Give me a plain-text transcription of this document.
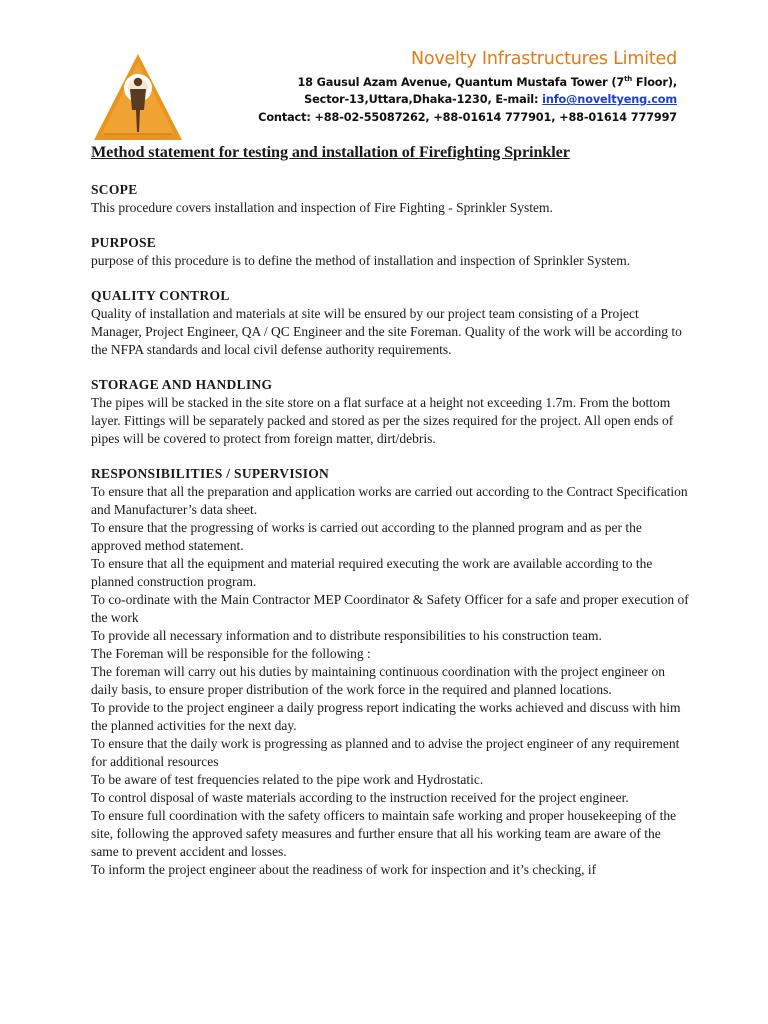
Novelty Infrastructures Limited
18 Gausul Azam Avenue, Quantum Mustafa Tower (7th Floor),
Sector-13,Uttara,Dhaka-1230, E-mail: info@noveltyeng.com
Contact: +88-02-55087262, +88-01614 777901, +88-01614 777997
Method statement for testing and installation of Firefighting Sprinkler
SCOPE

This procedure covers installation and inspection of Fire Fighting - Sprinkler System.

PURPOSE

purpose of this procedure is to define the method of installation and inspection of Sprinkler System.

QUALITY CONTROL

Quality of installation and materials at site will be ensured by our project team consisting of a Project Manager, Project Engineer, QA / QC Engineer and the site Foreman. Quality of the work will be according to the NFPA standards and local civil defense authority requirements.

STORAGE AND HANDLING

The pipes will be stacked in the site store on a flat surface at a height not exceeding 1.7m. From the bottom layer. Fittings will be separately packed and stored as per the sizes required for the project. All open ends of pipes will be covered to protect from foreign matter, dirt/debris.

RESPONSIBILITIES / SUPERVISION

To ensure that all the preparation and application works are carried out according to the Contract Specification and Manufacturer’s data sheet.

To ensure that the progressing of works is carried out according to the planned program and as per the approved method statement.

To ensure that all the equipment and material required executing the work are available according to the planned construction program.

To co-ordinate with the Main Contractor MEP Coordinator & Safety Officer for a safe and proper execution of the work

To provide all necessary information and to distribute responsibilities to his construction team.

The Foreman will be responsible for the following :

The foreman will carry out his duties by maintaining continuous coordination with the project engineer on daily basis, to ensure proper distribution of the work force in the required and planned locations.

To provide to the project engineer a daily progress report indicating the works achieved and discuss with him the planned activities for the next day.

To ensure that the daily work is progressing as planned and to advise the project engineer of any requirement for additional resources

To be aware of test frequencies related to the pipe work and Hydrostatic.

To control disposal of waste materials according to the instruction received for the project engineer.

To ensure full coordination with the safety officers to maintain safe working and proper housekeeping of the site, following the approved safety measures and further ensure that all his working team are aware of the same to prevent accident and losses.

To inform the project engineer about the readiness of work for inspection and it’s checking, if
